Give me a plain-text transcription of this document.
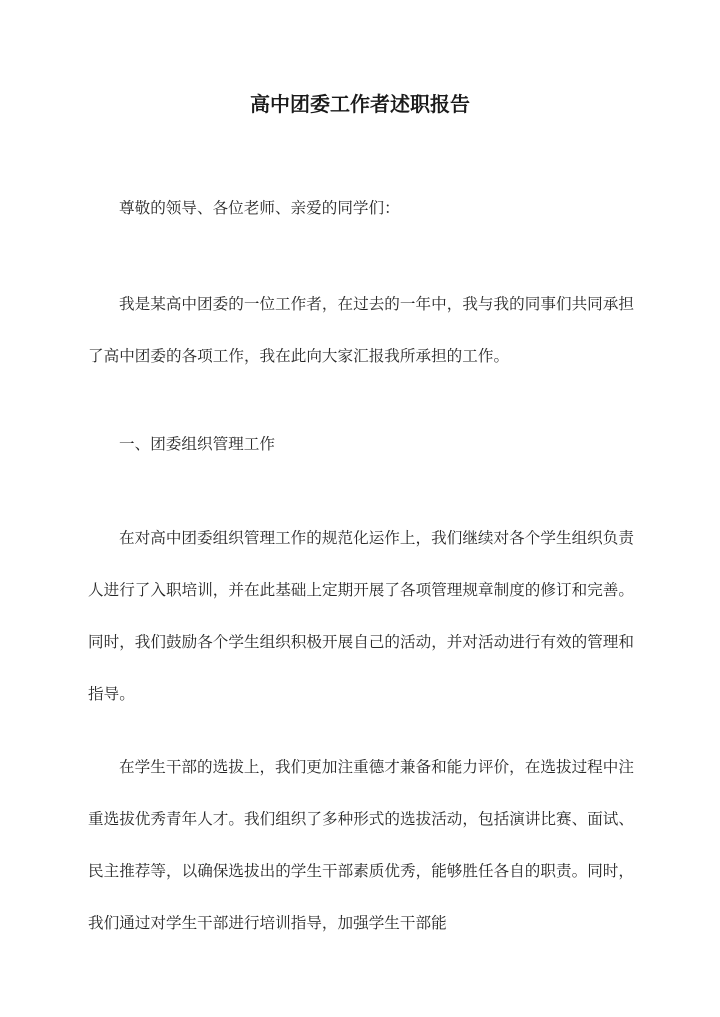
高中团委工作者述职报告

尊敬的领导、各位老师、亲爱的同学们：

我是某高中团委的一位工作者，在过去的一年中，我与我的同事们共同承担了高中团委的各项工作，我在此向大家汇报我所承担的工作。

一、团委组织管理工作

在对高中团委组织管理工作的规范化运作上，我们继续对各个学生组织负责人进行了入职培训，并在此基础上定期开展了各项管理规章制度的修订和完善。同时，我们鼓励各个学生组织积极开展自己的活动，并对活动进行有效的管理和指导。

在学生干部的选拔上，我们更加注重德才兼备和能力评价，在选拔过程中注重选拔优秀青年人才。我们组织了多种形式的选拔活动，包括演讲比赛、面试、民主推荐等，以确保选拔出的学生干部素质优秀，能够胜任各自的职责。同时，我们通过对学生干部进行培训指导，加强学生干部能
